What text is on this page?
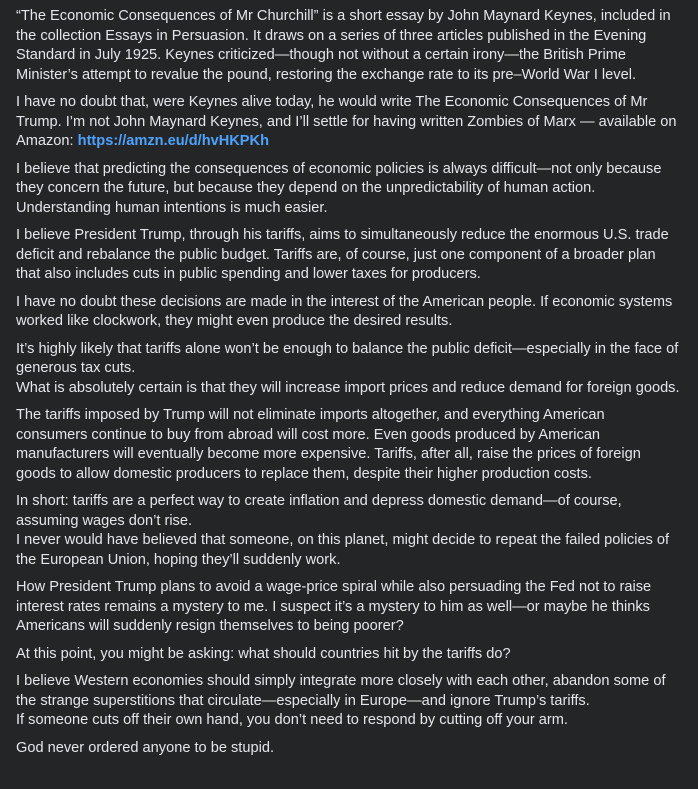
“The Economic Consequences of Mr Churchill” is a short essay by John Maynard Keynes, included in the collection Essays in Persuasion. It draws on a series of three articles published in the Evening Standard in July 1925. Keynes criticized—though not without a certain irony—the British Prime Minister’s attempt to revalue the pound, restoring the exchange rate to its pre–World War I level.

I have no doubt that, were Keynes alive today, he would write The Economic Consequences of Mr Trump. I’m not John Maynard Keynes, and I’ll settle for having written Zombies of Marx — available on Amazon: https://amzn.eu/d/hvHKPKh

I believe that predicting the consequences of economic policies is always difficult—not only because they concern the future, but because they depend on the unpredictability of human action. Understanding human intentions is much easier.

I believe President Trump, through his tariffs, aims to simultaneously reduce the enormous U.S. trade deficit and rebalance the public budget. Tariffs are, of course, just one component of a broader plan that also includes cuts in public spending and lower taxes for producers.

I have no doubt these decisions are made in the interest of the American people. If economic systems worked like clockwork, they might even produce the desired results.

It’s highly likely that tariffs alone won’t be enough to balance the public deficit—especially in the face of generous tax cuts.
What is absolutely certain is that they will increase import prices and reduce demand for foreign goods.

The tariffs imposed by Trump will not eliminate imports altogether, and everything American consumers continue to buy from abroad will cost more. Even goods produced by American manufacturers will eventually become more expensive. Tariffs, after all, raise the prices of foreign goods to allow domestic producers to replace them, despite their higher production costs.

In short: tariffs are a perfect way to create inflation and depress domestic demand—of course, assuming wages don’t rise.
I never would have believed that someone, on this planet, might decide to repeat the failed policies of the European Union, hoping they’ll suddenly work.

How President Trump plans to avoid a wage-price spiral while also persuading the Fed not to raise interest rates remains a mystery to me. I suspect it’s a mystery to him as well—or maybe he thinks Americans will suddenly resign themselves to being poorer?

At this point, you might be asking: what should countries hit by the tariffs do?

I believe Western economies should simply integrate more closely with each other, abandon some of the strange superstitions that circulate—especially in Europe—and ignore Trump’s tariffs.
If someone cuts off their own hand, you don’t need to respond by cutting off your arm.

God never ordered anyone to be stupid.
